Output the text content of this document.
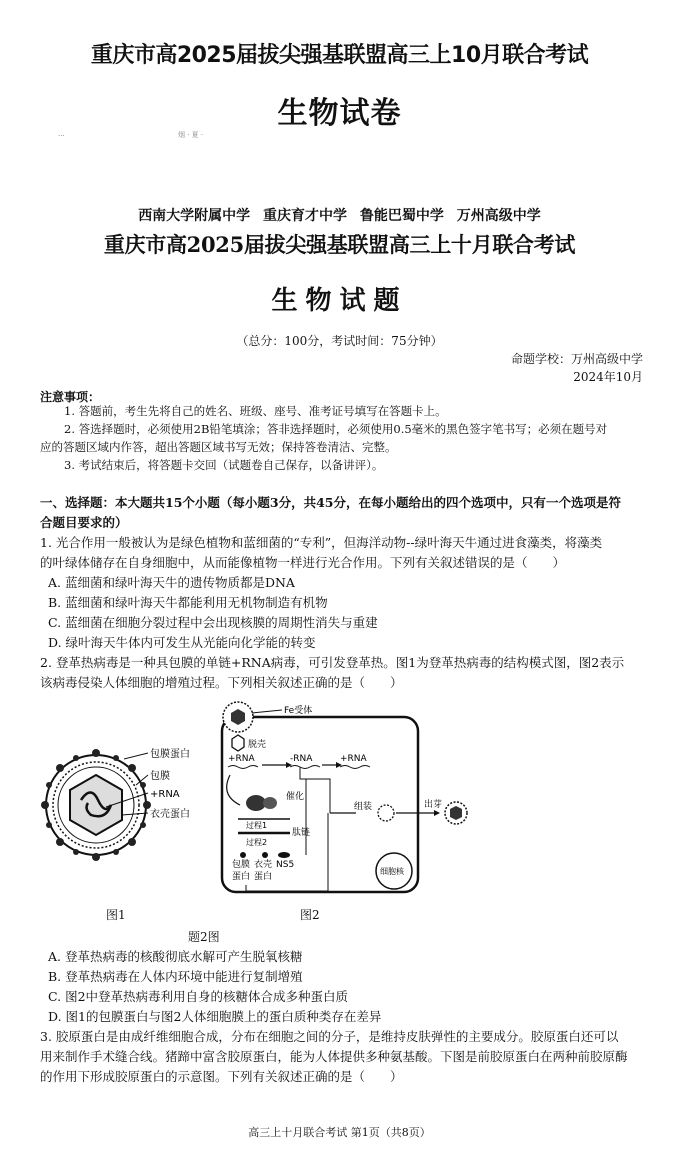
重庆市高2025届拔尖强基联盟高三上10月联合考试
生物试卷
...	烟 · 夏 ·
西南大学附属中学 重庆育才中学 鲁能巴蜀中学 万州高级中学
重庆市高2025届拔尖强基联盟高三上十月联合考试
生物试题
（总分：100分，考试时间：75分钟）
命题学校：万州高级中学
2024年10月
注意事项：
1. 答题前，考生先将自己的姓名、班级、座号、准考证号填写在答题卡上。
2. 答选择题时，必须使用2B铅笔填涂；答非选择题时，必须使用0.5毫米的黑色签字笔书写；必须在题号对
应的答题区域内作答，超出答题区域书写无效；保持答卷清洁、完整。
3. 考试结束后，将答题卡交回（试题卷自己保存，以备讲评）。
一、选择题：本大题共15个小题（每小题3分，共45分，在每小题给出的四个选项中，只有一个选项是符
合题目要求的）
1. 光合作用一般被认为是绿色植物和蓝细菌的“专利”，但海洋动物--绿叶海天牛通过进食藻类，将藻类
的叶绿体储存在自身细胞中，从而能像植物一样进行光合作用。下列有关叙述错误的是（　　）
A. 蓝细菌和绿叶海天牛的遗传物质都是DNA
B. 蓝细菌和绿叶海天牛都能利用无机物制造有机物
C. 蓝细菌在细胞分裂过程中会出现核膜的周期性消失与重建
D. 绿叶海天牛体内可发生从光能向化学能的转变
2. 登革热病毒是一种具包膜的单链+RNA病毒，可引发登革热。图1为登革热病毒的结构模式图，图2表示
该病毒侵染人体细胞的增殖过程。下列相关叙述正确的是（　　）
包膜蛋白
包膜
+RNA
衣壳蛋白
Fe受体
脱壳
+RNA	-RNA	+RNA
催化
过程1
肽链
过程2
包膜
蛋白
衣壳
蛋白
NS5
组装	出芽
细胞核
图1	图2
题2图
A. 登革热病毒的核酸彻底水解可产生脱氧核糖
B. 登革热病毒在人体内环境中能进行复制增殖
C. 图2中登革热病毒利用自身的核糖体合成多种蛋白质
D. 图1的包膜蛋白与图2人体细胞膜上的蛋白质种类存在差异
3. 胶原蛋白是由成纤维细胞合成，分布在细胞之间的分子，是维持皮肤弹性的主要成分。胶原蛋白还可以
用来制作手术缝合线。猪蹄中富含胶原蛋白，能为人体提供多种氨基酸。下图是前胶原蛋白在两种前胶原酶
的作用下形成胶原蛋白的示意图。下列有关叙述正确的是（　　）
高三上十月联合考试 第1页（共8页）
